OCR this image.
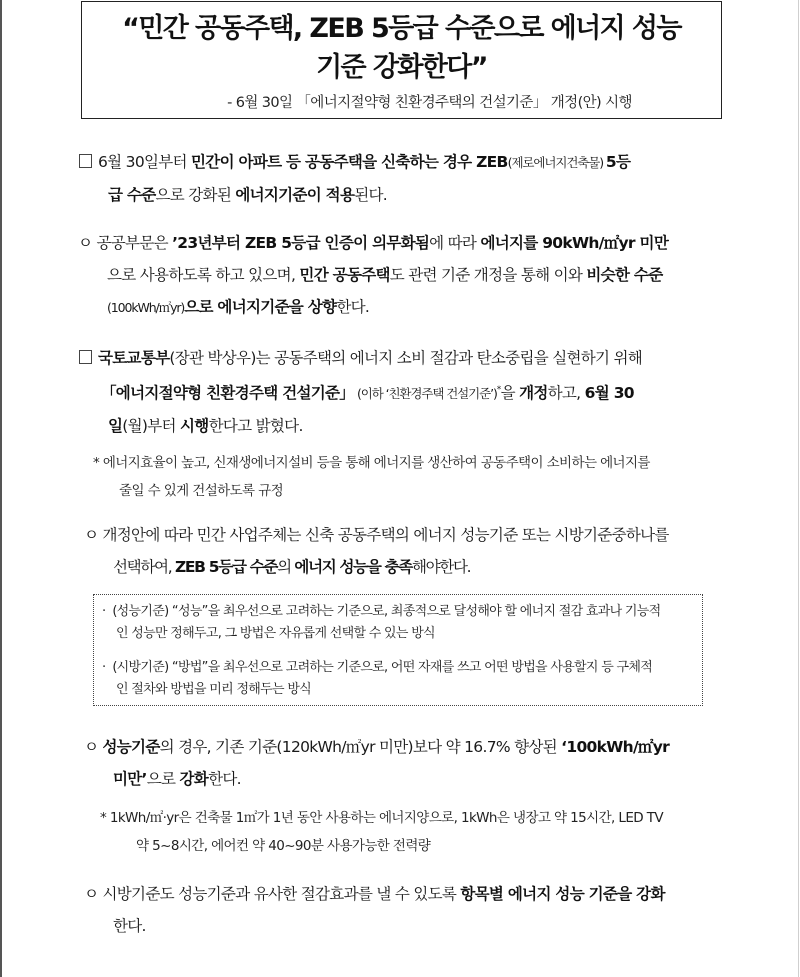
“민간 공동주택, ZEB 5등급 수준으로 에너지 성능
기준 강화한다”
- 6월 30일 「에너지절약형 친환경주택의 건설기준」 개정(안) 시행
6월 30일부터 민간이 아파트 등 공동주택을 신축하는 경우 ZEB(제로에너지건축물) 5등
급 수준으로 강화된 에너지기준이 적용된다.
ㅇ 공공부문은 ’23년부터 ZEB 5등급 인증이 의무화됨에 따라 에너지를 90kWh/㎡yr 미만
으로 사용하도록 하고 있으며, 민간 공동주택도 관련 기준 개정을 통해 이와 비슷한 수준
(100kWh/㎡yr)으로 에너지기준을 상향한다.
국토교통부(장관 박상우)는 공동주택의 에너지 소비 절감과 탄소중립을 실현하기 위해
「에너지절약형 친환경주택 건설기준」 (이하 ‘친환경주택 건설기준’)*을 개정하고, 6월 30
일(월)부터 시행한다고 밝혔다.
* 에너지효율이 높고, 신재생에너지설비 등을 통해 에너지를 생산하여 공동주택이 소비하는 에너지를
줄일 수 있게 건설하도록 규정
ㅇ 개정안에 따라 민간 사업주체는 신축 공동주택의 에너지 성능기준 또는 시방기준중하나를
선택하여, ZEB 5등급 수준의 에너지 성능을 충족해야한다.
· (성능기준) “성능”을 최우선으로 고려하는 기준으로, 최종적으로 달성해야 할 에너지 절감 효과나 기능적
인 성능만 정해두고, 그 방법은 자유롭게 선택할 수 있는 방식
· (시방기준) “방법”을 최우선으로 고려하는 기준으로, 어떤 자재를 쓰고 어떤 방법을 사용할지 등 구체적
인 절차와 방법을 미리 정해두는 방식
ㅇ 성능기준의 경우, 기존 기준(120kWh/㎡yr 미만)보다 약 16.7% 향상된 ‘100kWh/㎡yr
미만’으로 강화한다.
* 1kWh/㎡·yr은 건축물 1㎡가 1년 동안 사용하는 에너지양으로, 1kWh은 냉장고 약 15시간, LED TV
약 5~8시간, 에어컨 약 40~90분 사용가능한 전력량
ㅇ 시방기준도 성능기준과 유사한 절감효과를 낼 수 있도록 항목별 에너지 성능 기준을 강화
한다.
